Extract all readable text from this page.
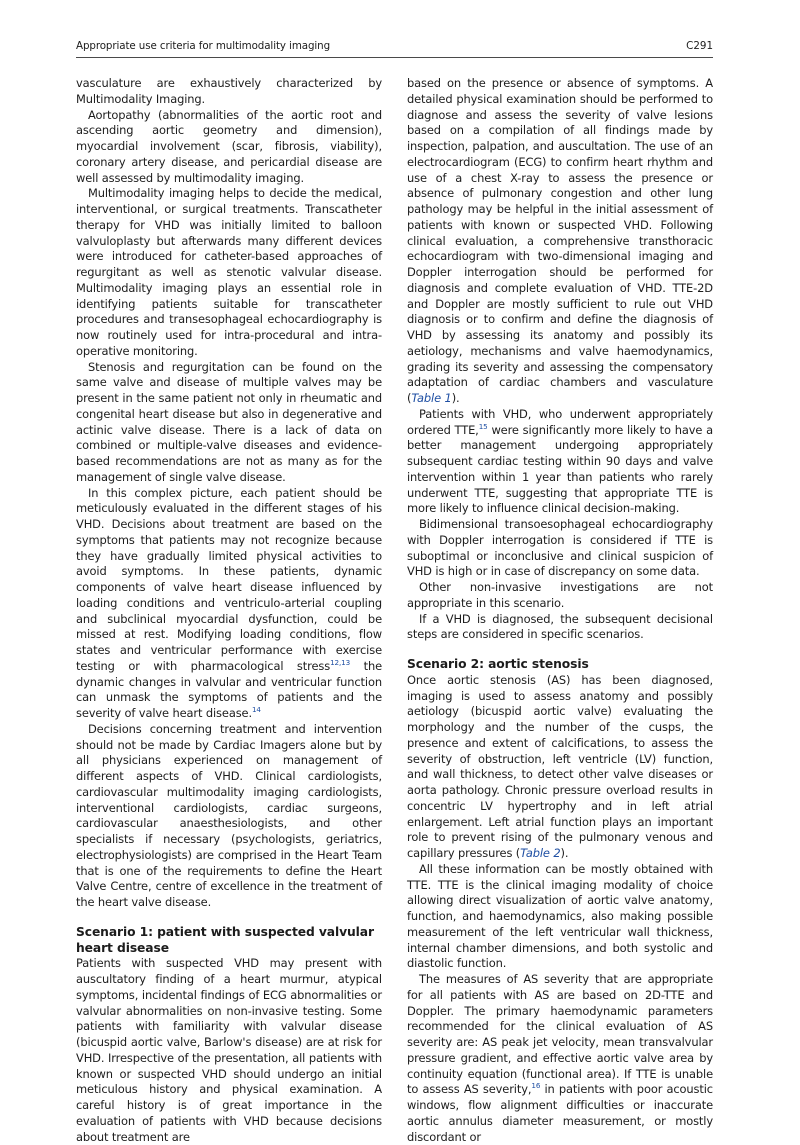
Appropriate use criteria for multimodality imaging	C291

vasculature are exhaustively characterized by Multimodality Imaging.

Aortopathy (abnormalities of the aortic root and ascending aortic geometry and dimension), myocardial involvement (scar, fibrosis, viability), coronary artery disease, and pericardial disease are well assessed by multimodality imaging.

Multimodality imaging helps to decide the medical, interventional, or surgical treatments. Transcatheter therapy for VHD was initially limited to balloon valvuloplasty but afterwards many different devices were introduced for catheter-based approaches of regurgitant as well as stenotic valvular disease. Multimodality imaging plays an essential role in identifying patients suitable for transcatheter procedures and transesophageal echocardiography is now routinely used for intra-procedural and intra-operative monitoring.

Stenosis and regurgitation can be found on the same valve and disease of multiple valves may be present in the same patient not only in rheumatic and congenital heart disease but also in degenerative and actinic valve disease. There is a lack of data on combined or multiple-valve diseases and evidence-based recommendations are not as many as for the management of single valve disease.

In this complex picture, each patient should be meticulously evaluated in the different stages of his VHD. Decisions about treatment are based on the symptoms that patients may not recognize because they have gradually limited physical activities to avoid symptoms. In these patients, dynamic components of valve heart disease influenced by loading conditions and ventriculo-arterial coupling and subclinical myocardial dysfunction, could be missed at rest. Modifying loading conditions, flow states and ventricular performance with exercise testing or with pharmacological stress$^{12,13}$ the dynamic changes in valvular and ventricular function can unmask the symptoms of patients and the severity of valve heart disease.$^{14}$

Decisions concerning treatment and intervention should not be made by Cardiac Imagers alone but by all physicians experienced on management of different aspects of VHD. Clinical cardiologists, cardiovascular multimodality imaging cardiologists, interventional cardiologists, cardiac surgeons, cardiovascular anaesthesiologists, and other specialists if necessary (psychologists, geriatrics, electrophysiologists) are comprised in the Heart Team that is one of the requirements to define the Heart Valve Centre, centre of excellence in the treatment of the heart valve disease.

Scenario 1: patient with suspected valvular heart disease

Patients with suspected VHD may present with auscultatory finding of a heart murmur, atypical symptoms, incidental findings of ECG abnormalities or valvular abnormalities on non-invasive testing. Some patients with familiarity with valvular disease (bicuspid aortic valve, Barlow's disease) are at risk for VHD. Irrespective of the presentation, all patients with known or suspected VHD should undergo an initial meticulous history and physical examination. A careful history is of great importance in the evaluation of patients with VHD because decisions about treatment are

based on the presence or absence of symptoms. A detailed physical examination should be performed to diagnose and assess the severity of valve lesions based on a compilation of all findings made by inspection, palpation, and auscultation. The use of an electrocardiogram (ECG) to confirm heart rhythm and use of a chest X-ray to assess the presence or absence of pulmonary congestion and other lung pathology may be helpful in the initial assessment of patients with known or suspected VHD. Following clinical evaluation, a comprehensive transthoracic echocardiogram with two-dimensional imaging and Doppler interrogation should be performed for diagnosis and complete evaluation of VHD. TTE-2D and Doppler are mostly sufficient to rule out VHD diagnosis or to confirm and define the diagnosis of VHD by assessing its anatomy and possibly its aetiology, mechanisms and valve haemodynamics, grading its severity and assessing the compensatory adaptation of cardiac chambers and vasculature (Table 1).

Patients with VHD, who underwent appropriately ordered TTE,$^{15}$ were significantly more likely to have a better management undergoing appropriately subsequent cardiac testing within 90 days and valve intervention within 1 year than patients who rarely underwent TTE, suggesting that appropriate TTE is more likely to influence clinical decision-making.

Bidimensional transoesophageal echocardiography with Doppler interrogation is considered if TTE is suboptimal or inconclusive and clinical suspicion of VHD is high or in case of discrepancy on some data.

Other non-invasive investigations are not appropriate in this scenario.

If a VHD is diagnosed, the subsequent decisional steps are considered in specific scenarios.

Scenario 2: aortic stenosis

Once aortic stenosis (AS) has been diagnosed, imaging is used to assess anatomy and possibly aetiology (bicuspid aortic valve) evaluating the morphology and the number of the cusps, the presence and extent of calcifications, to assess the severity of obstruction, left ventricle (LV) function, and wall thickness, to detect other valve diseases or aorta pathology. Chronic pressure overload results in concentric LV hypertrophy and in left atrial enlargement. Left atrial function plays an important role to prevent rising of the pulmonary venous and capillary pressures (Table 2).

All these information can be mostly obtained with TTE. TTE is the clinical imaging modality of choice allowing direct visualization of aortic valve anatomy, function, and haemodynamics, also making possible measurement of the left ventricular wall thickness, internal chamber dimensions, and both systolic and diastolic function.

The measures of AS severity that are appropriate for all patients with AS are based on 2D-TTE and Doppler. The primary haemodynamic parameters recommended for the clinical evaluation of AS severity are: AS peak jet velocity, mean transvalvular pressure gradient, and effective aortic valve area by continuity equation (functional area). If TTE is unable to assess AS severity,$^{16}$ in patients with poor acoustic windows, flow alignment difficulties or inaccurate aortic annulus diameter measurement, or mostly discordant or
